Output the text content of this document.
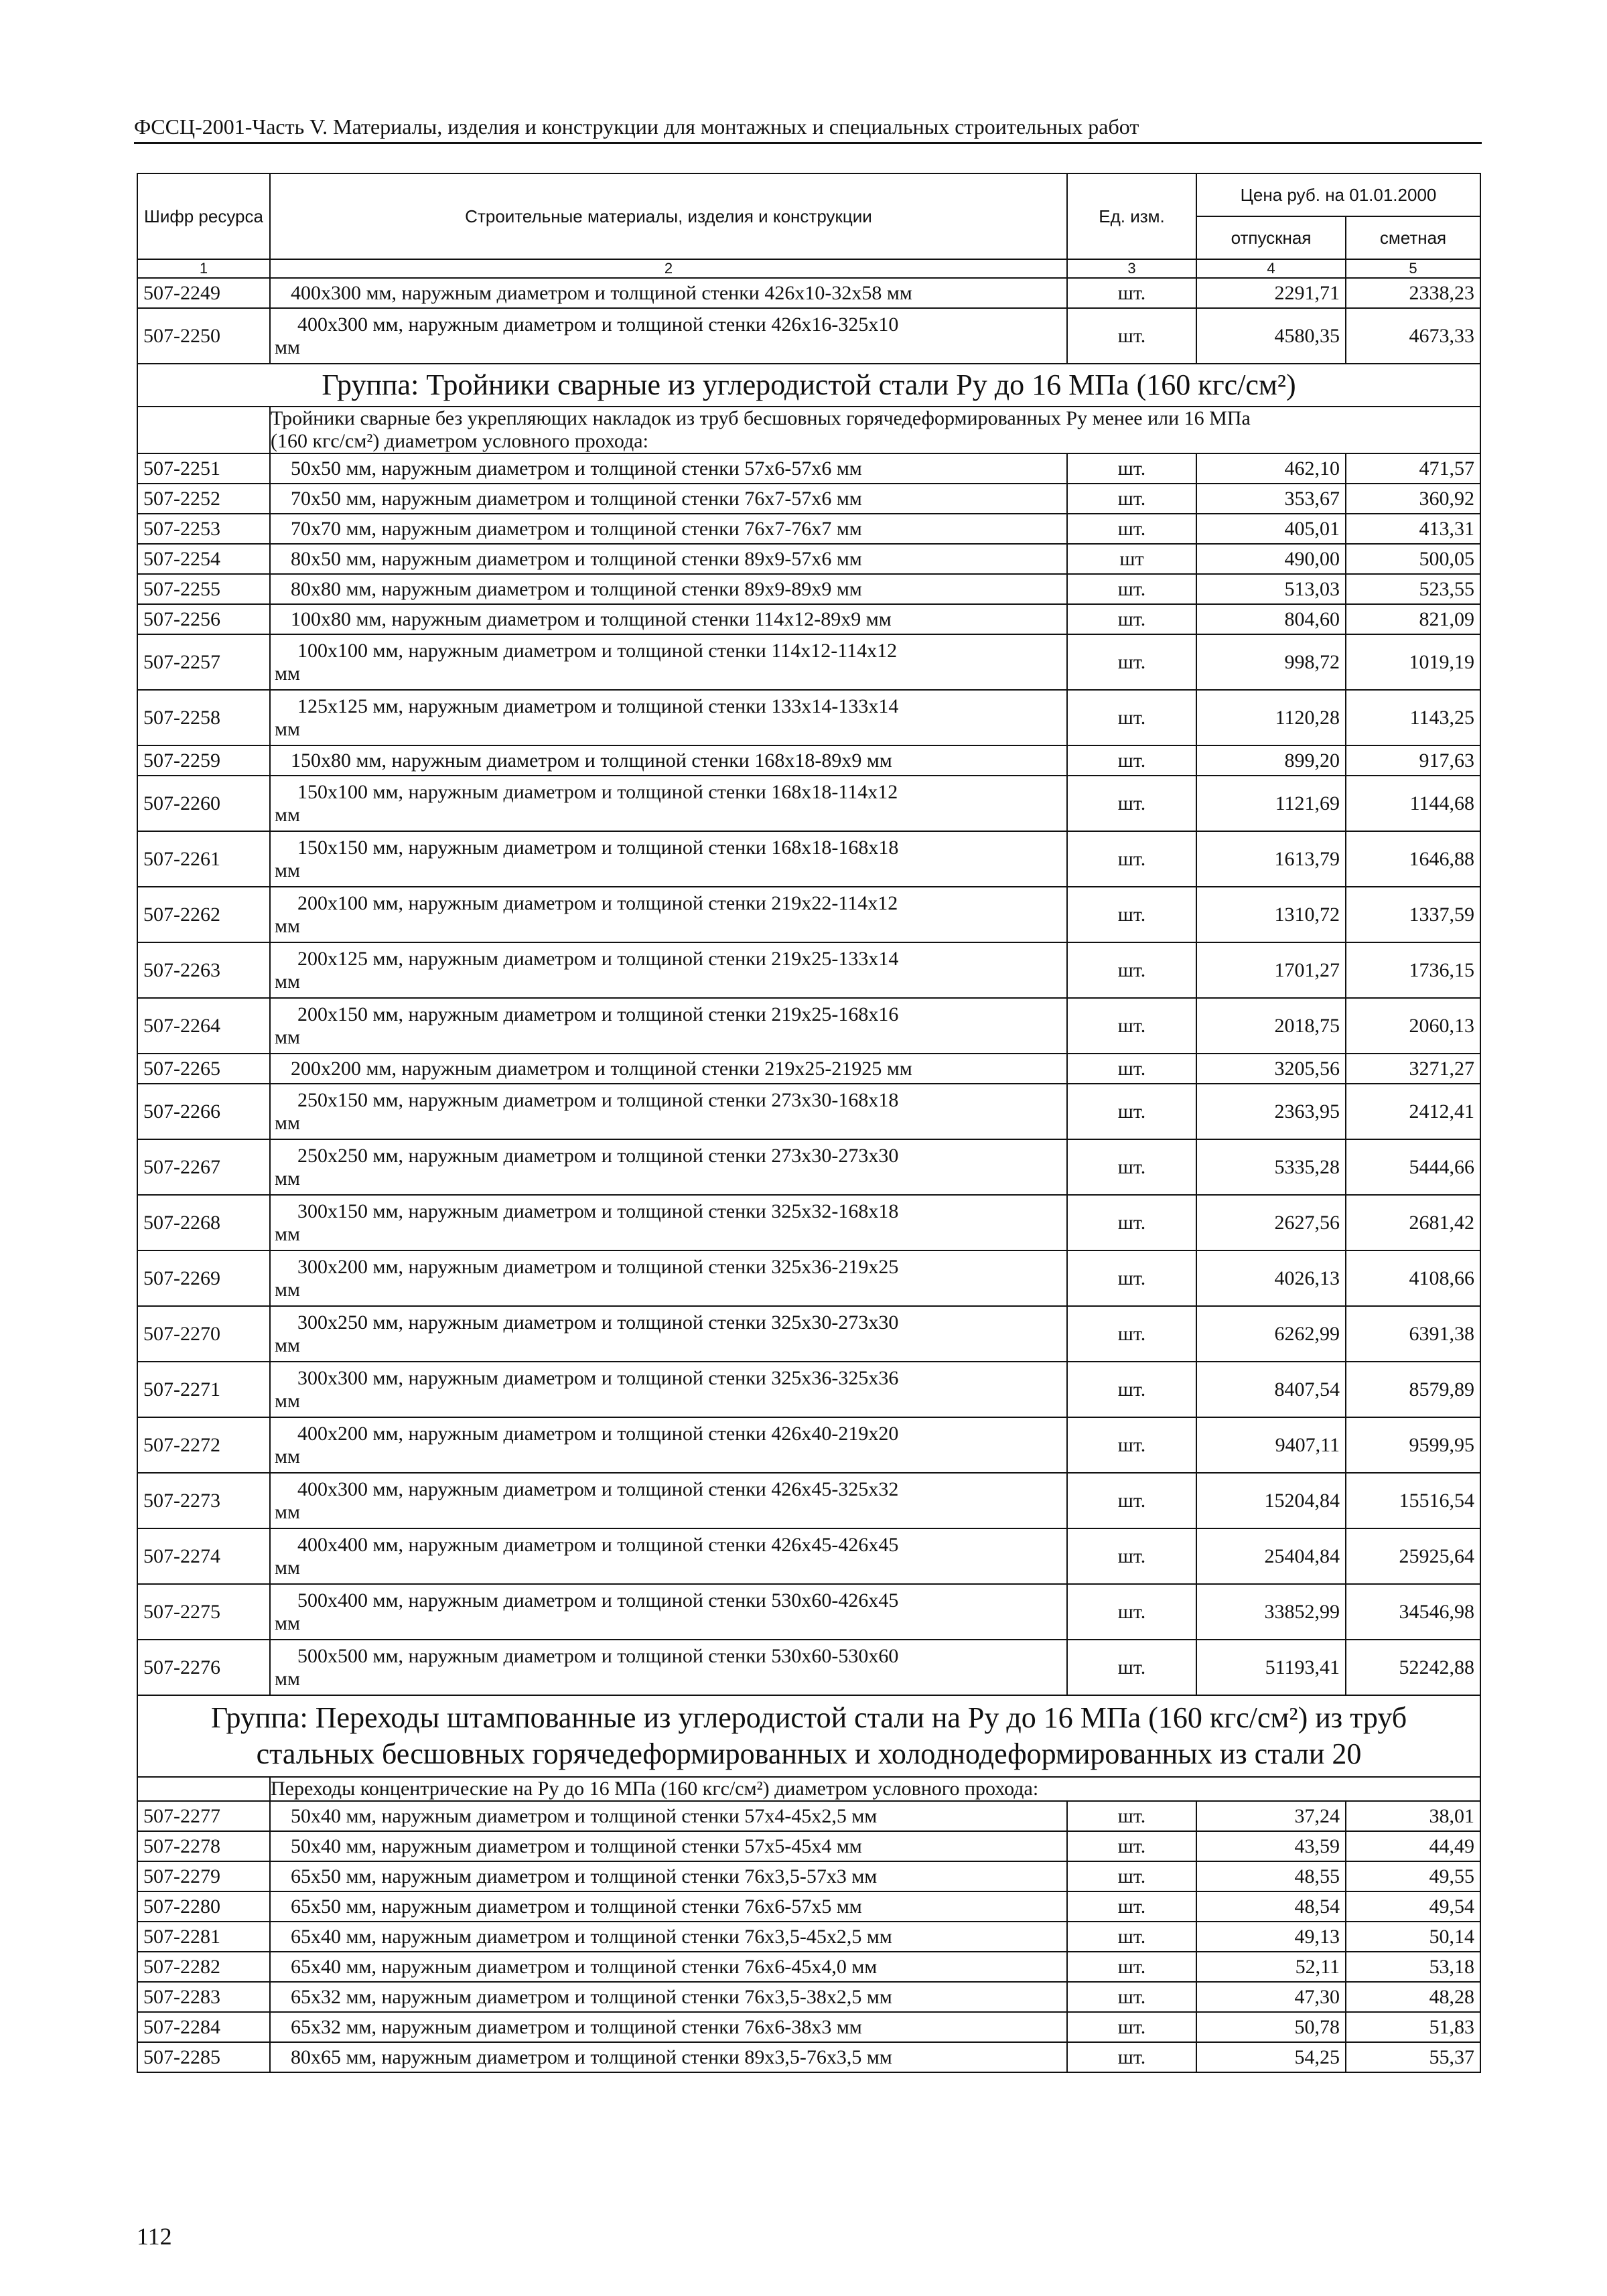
ФССЦ-2001-Часть V. Материалы, изделия и конструкции для монтажных и специальных строительных работ
Шифр ресурса	Строительные материалы, изделия и конструкции	Ед. изм.	Цена руб. на 01.01.2000	
			отпускная	сметная
1	2	3	4	5
507-2249	400x300 мм, наружным диаметром и толщиной стенки 426x10-32x58 мм	шт.	2291,71	2338,23
507-2250	400x300 мм, наружным диаметром и толщиной стенки 426x16-325x10
мм	шт.	4580,35	4673,33
Группа: Тройники сварные из углеродистой стали Ру до 16 МПа (160 кгс/см²)				

	Тройники сварные без укрепляющих накладок из труб бесшовных горячедеформированных Ру менее или 16 МПа
(160 кгс/см²) диаметром условного прохода:			

507-2251	50x50 мм, наружным диаметром и толщиной стенки 57x6-57x6 мм	шт.	462,10	471,57
507-2252	70x50 мм, наружным диаметром и толщиной стенки 76x7-57x6 мм	шт.	353,67	360,92
507-2253	70x70 мм, наружным диаметром и толщиной стенки 76x7-76x7 мм	шт.	405,01	413,31
507-2254	80x50 мм, наружным диаметром и толщиной стенки 89x9-57x6 мм	шт	490,00	500,05
507-2255	80x80 мм, наружным диаметром и толщиной стенки 89x9-89x9 мм	шт.	513,03	523,55
507-2256	100x80 мм, наружным диаметром и толщиной стенки 114x12-89x9 мм	шт.	804,60	821,09
507-2257	100x100 мм, наружным диаметром и толщиной стенки 114x12-114x12
мм	шт.	998,72	1019,19
507-2258	125x125 мм, наружным диаметром и толщиной стенки 133x14-133x14
мм	шт.	1120,28	1143,25
507-2259	150x80 мм, наружным диаметром и толщиной стенки 168x18-89x9 мм	шт.	899,20	917,63
507-2260	150x100 мм, наружным диаметром и толщиной стенки 168x18-114x12
мм	шт.	1121,69	1144,68
507-2261	150x150 мм, наружным диаметром и толщиной стенки 168x18-168x18
мм	шт.	1613,79	1646,88
507-2262	200x100 мм, наружным диаметром и толщиной стенки 219x22-114x12
мм	шт.	1310,72	1337,59
507-2263	200x125 мм, наружным диаметром и толщиной стенки 219x25-133x14
мм	шт.	1701,27	1736,15
507-2264	200x150 мм, наружным диаметром и толщиной стенки 219x25-168x16
мм	шт.	2018,75	2060,13
507-2265	200x200 мм, наружным диаметром и толщиной стенки 219x25-21925 мм	шт.	3205,56	3271,27
507-2266	250x150 мм, наружным диаметром и толщиной стенки 273x30-168x18
мм	шт.	2363,95	2412,41
507-2267	250x250 мм, наружным диаметром и толщиной стенки 273x30-273x30
мм	шт.	5335,28	5444,66
507-2268	300x150 мм, наружным диаметром и толщиной стенки 325x32-168x18
мм	шт.	2627,56	2681,42
507-2269	300x200 мм, наружным диаметром и толщиной стенки 325x36-219x25
мм	шт.	4026,13	4108,66
507-2270	300x250 мм, наружным диаметром и толщиной стенки 325x30-273x30
мм	шт.	6262,99	6391,38
507-2271	300x300 мм, наружным диаметром и толщиной стенки 325x36-325x36
мм	шт.	8407,54	8579,89
507-2272	400x200 мм, наружным диаметром и толщиной стенки 426x40-219x20
мм	шт.	9407,11	9599,95
507-2273	400x300 мм, наружным диаметром и толщиной стенки 426x45-325x32
мм	шт.	15204,84	15516,54
507-2274	400x400 мм, наружным диаметром и толщиной стенки 426x45-426x45
мм	шт.	25404,84	25925,64
507-2275	500x400 мм, наружным диаметром и толщиной стенки 530x60-426x45
мм	шт.	33852,99	34546,98
507-2276	500x500 мм, наружным диаметром и толщиной стенки 530x60-530x60
мм	шт.	51193,41	52242,88

Группа: Переходы штампованные из углеродистой стали на Ру до 16 МПа (160 кгс/см²) из труб
стальных бесшовных горячедеформированных и холоднодеформированных из стали 20				

	Переходы концентрические на Ру до 16 МПа (160 кгс/см²) диаметром условного прохода:			
507-2277	50x40 мм, наружным диаметром и толщиной стенки 57x4-45x2,5 мм	шт.	37,24	38,01
507-2278	50x40 мм, наружным диаметром и толщиной стенки 57x5-45x4 мм	шт.	43,59	44,49
507-2279	65x50 мм, наружным диаметром и толщиной стенки 76x3,5-57x3 мм	шт.	48,55	49,55
507-2280	65x50 мм, наружным диаметром и толщиной стенки 76x6-57x5 мм	шт.	48,54	49,54
507-2281	65x40 мм, наружным диаметром и толщиной стенки 76x3,5-45x2,5 мм	шт.	49,13	50,14
507-2282	65x40 мм, наружным диаметром и толщиной стенки 76x6-45x4,0 мм	шт.	52,11	53,18
507-2283	65x32 мм, наружным диаметром и толщиной стенки 76x3,5-38x2,5 мм	шт.	47,30	48,28
507-2284	65x32 мм, наружным диаметром и толщиной стенки 76x6-38x3 мм	шт.	50,78	51,83
507-2285	80x65 мм, наружным диаметром и толщиной стенки 89x3,5-76x3,5 мм	шт.	54,25	55,37
112
